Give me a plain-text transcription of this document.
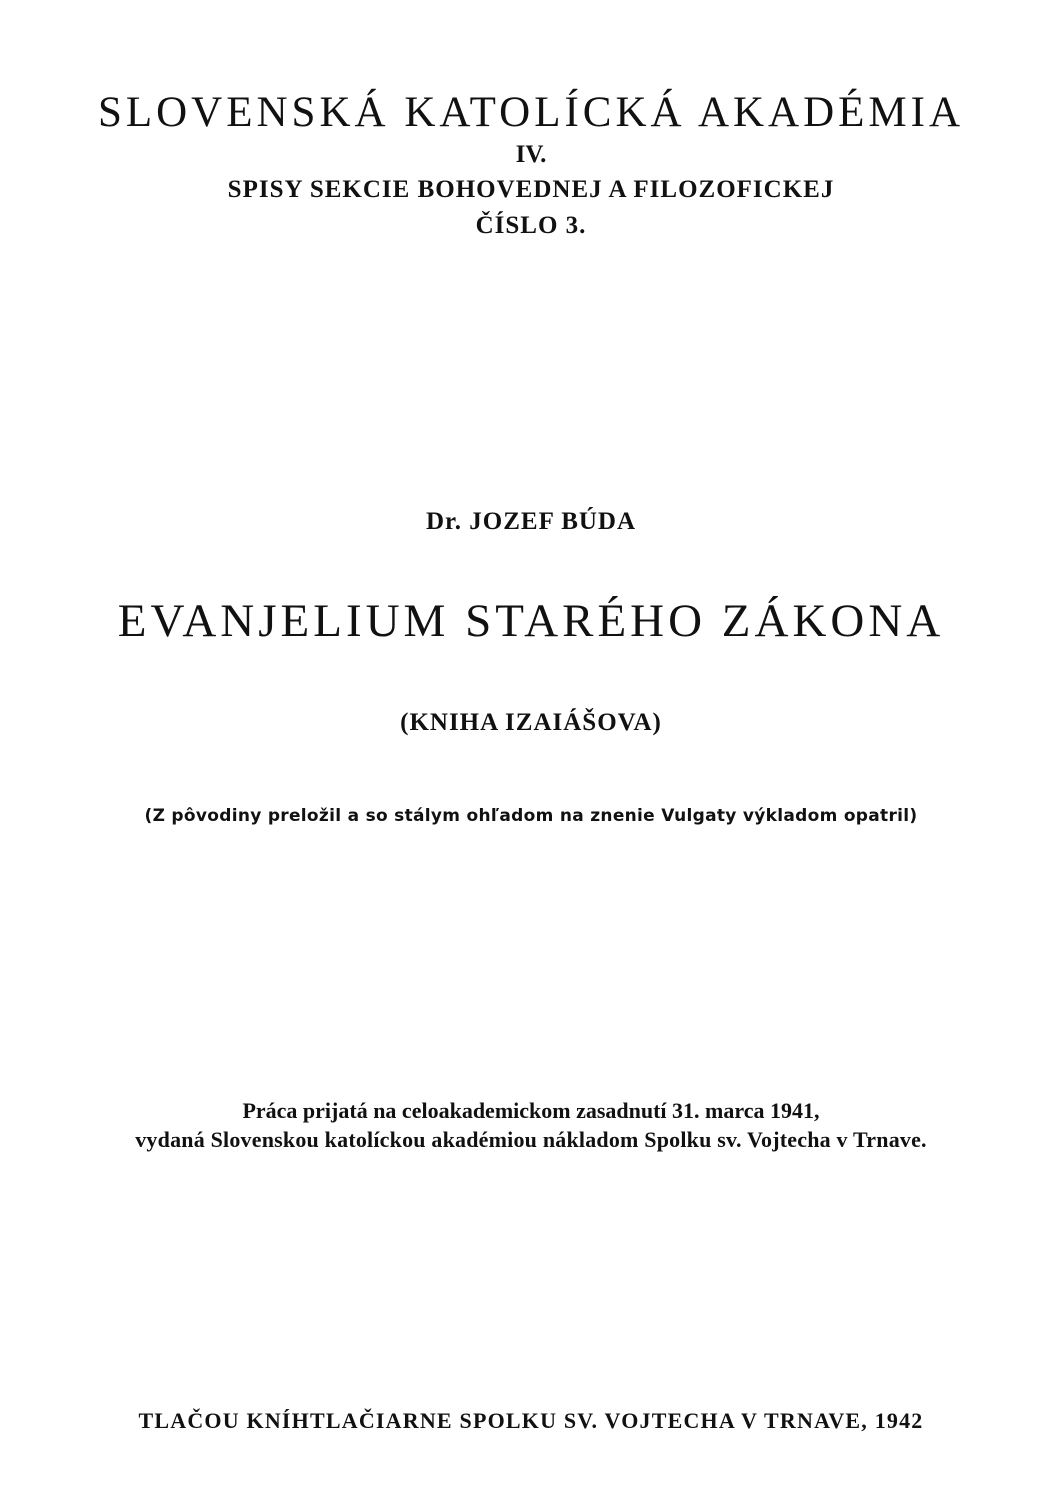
SLOVENSKÁ KATOLÍCKÁ AKADÉMIA
IV.
SPISY SEKCIE BOHOVEDNEJ A FILOZOFICKEJ
ČÍSLO 3.
Dr. JOZEF BÚDA
EVANJELIUM STARÉHO ZÁKONA
(KNIHA IZAIÁŠOVA)
(Z pôvodiny preložil a so stálym ohľadom na znenie Vulgaty výkladom opatril)
Práca prijatá na celoakademickom zasadnutí 31. marca 1941,
vydaná Slovenskou katolíckou akadémiou nákladom Spolku sv. Vojtecha v Trnave.
TLAČOU KNÍHTLAČIARNE SPOLKU SV. VOJTECHA V TRNAVE, 1942
